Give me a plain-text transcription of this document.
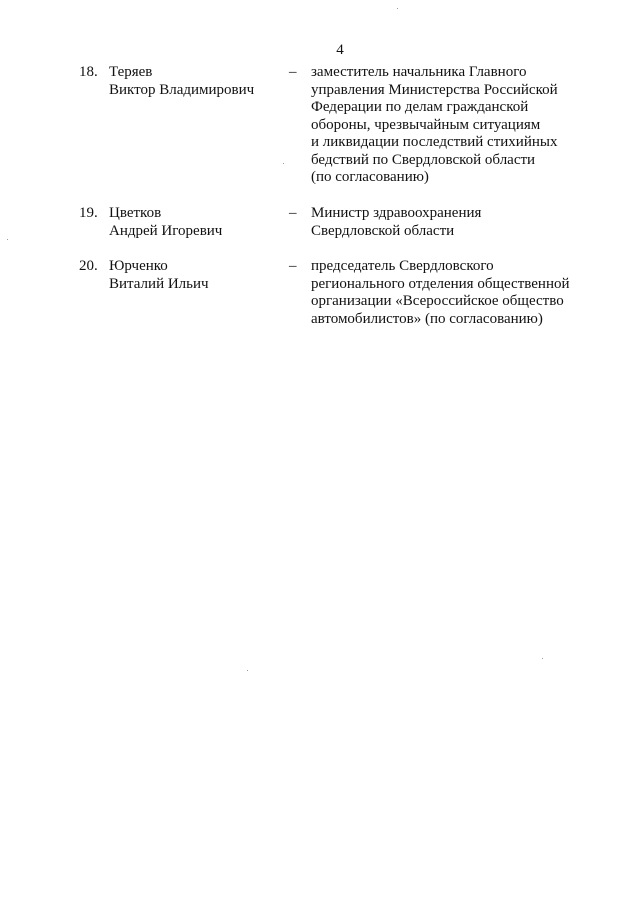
4
18. Теряев
Виктор Владимирович
– заместитель начальника Главного
управления Министерства Российской
Федерации по делам гражданской
обороны, чрезвычайным ситуациям
и ликвидации последствий стихийных
бедствий по Свердловской области
(по согласованию)
19. Цветков
Андрей Игоревич
– Министр здравоохранения
Свердловской области
20. Юрченко
Виталий Ильич
– председатель Свердловского
регионального отделения общественной
организации «Всероссийское общество
автомобилистов» (по согласованию)
